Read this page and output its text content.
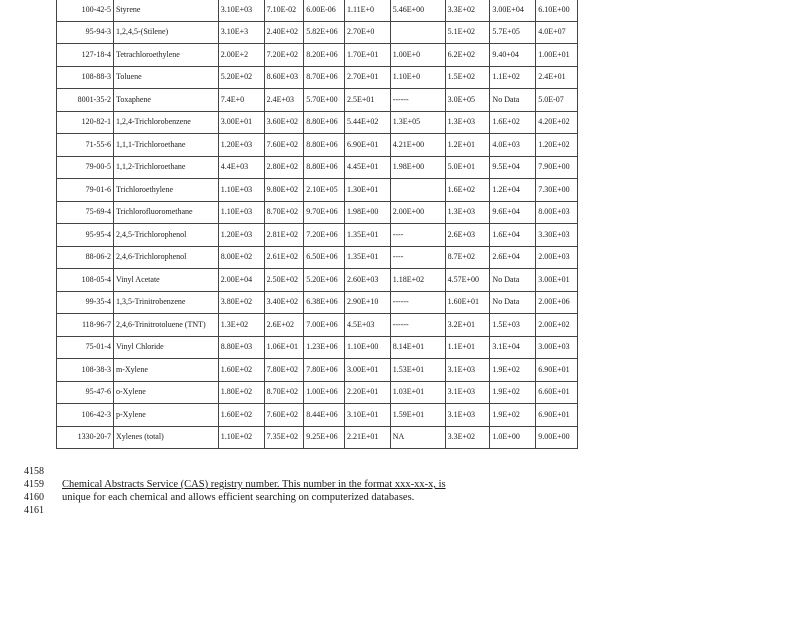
100-42-5	Styrene	3.10E+03	7.10E-02	6.00E-06	1.11E+0	5.46E+00	3.3E+02	3.00E+04	6.10E+00
95-94-3	1,2,4,5-(Stilene)	3.10E+3	2.40E+02	5.82E+06	2.70E+0		5.1E+02	5.7E+05	4.0E+07
127-18-4	Tetrachloroethylene	2.00E+2	7.20E+02	8.20E+06	1.70E+01	1.00E+0	6.2E+02	9.40+04	1.00E+01
108-88-3	Toluene	5.20E+02	8.60E+03	8.70E+06	2.70E+01	1.10E+0	1.5E+02	1.1E+02	2.4E+01
8001-35-2	Toxaphene	7.4E+0	2.4E+03	5.70E+00	2.5E+01	------	3.0E+05	No Data	5.0E-07
120-82-1	1,2,4-Trichlorobenzene	3.00E+01	3.60E+02	8.80E+06	5.44E+02	1.3E+05	1.3E+03	1.6E+02	4.20E+02
71-55-6	1,1,1-Trichloroethane	1.20E+03	7.60E+02	8.80E+06	6.90E+01	4.21E+00	1.2E+01	4.0E+03	1.20E+02
79-00-5	1,1,2-Trichloroethane	4.4E+03	2.80E+02	8.80E+06	4.45E+01	1.98E+00	5.0E+01	9.5E+04	7.90E+00
79-01-6	Trichloroethylene	1.10E+03	9.80E+02	2.10E+05	1.30E+01		1.6E+02	1.2E+04	7.30E+00
75-69-4	Trichlorofluoromethane	1.10E+03	8.70E+02	9.70E+06	1.98E+00	2.00E+00	1.3E+03	9.6E+04	8.00E+03
95-95-4	2,4,5-Trichlorophenol	1.20E+03	2.81E+02	7.20E+06	1.35E+01	----	2.6E+03	1.6E+04	3.30E+03
88-06-2	2,4,6-Trichlorophenol	8.00E+02	2.61E+02	6.50E+06	1.35E+01	----	8.7E+02	2.6E+04	2.00E+03
108-05-4	Vinyl Acetate	2.00E+04	2.50E+02	5.20E+06	2.60E+03	1.18E+02	4.57E+00	No Data	3.00E+01
99-35-4	1,3,5-Trinitrobenzene	3.80E+02	3.40E+02	6.38E+06	2.90E+10	------	1.60E+01	No Data	2.00E+06
118-96-7	2,4,6-Trinitrotoluene (TNT)	1.3E+02	2.6E+02	7.00E+06	4.5E+03	------	3.2E+01	1.5E+03	2.00E+02
75-01-4	Vinyl Chloride	8.80E+03	1.06E+01	1.23E+06	1.10E+00	8.14E+01	1.1E+01	3.1E+04	3.00E+03
108-38-3	m-Xylene	1.60E+02	7.80E+02	7.80E+06	3.00E+01	1.53E+01	3.1E+03	1.9E+02	6.90E+01
95-47-6	o-Xylene	1.80E+02	8.70E+02	1.00E+06	2.20E+01	1.03E+01	3.1E+03	1.9E+02	6.60E+01
106-42-3	p-Xylene	1.60E+02	7.60E+02	8.44E+06	3.10E+01	1.59E+01	3.1E+03	1.9E+02	6.90E+01
1330-20-7	Xylenes (total)	1.10E+02	7.35E+02	9.25E+06	2.21E+01	NA	3.3E+02	1.0E+00	9.00E+00
4158
4159
4160
4161
Chemical Abstracts Service (CAS) registry number. This number in the format xxx-xx-x, is
unique for each chemical and allows efficient searching on computerized databases.
